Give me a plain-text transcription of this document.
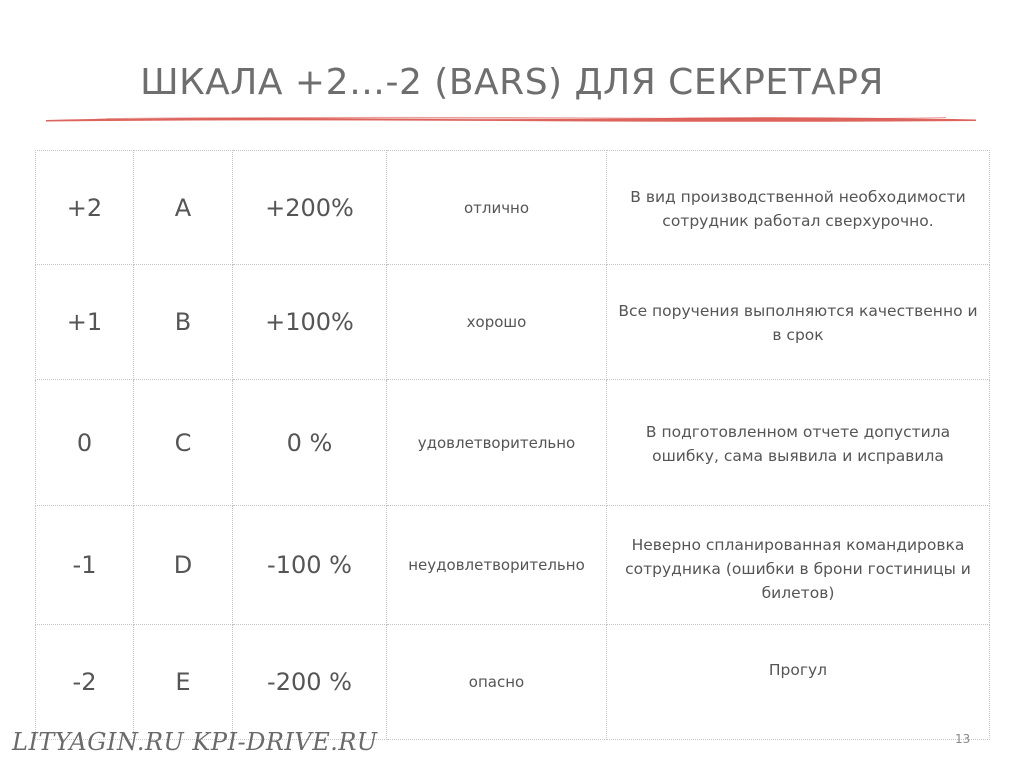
ШКАЛА +2…-2 (BARS) ДЛЯ СЕКРЕТАРЯ
+2	A	+200%	отлично	В вид производственной необходимости сотрудник работал сверхурочно.
+1	B	+100%	хорошо	Все поручения выполняются качественно и в срок
0	C	0 %	удовлетворительно	В подготовленном отчете допустила ошибку, сама выявила и исправила
-1	D	-100 %	неудовлетворительно	Неверно спланированная командировка сотрудника (ошибки в брони гостиницы и билетов)
-2	E	-200 %	опасно	Прогул
LITYAGIN.RU KPI-DRIVE.RU	13
